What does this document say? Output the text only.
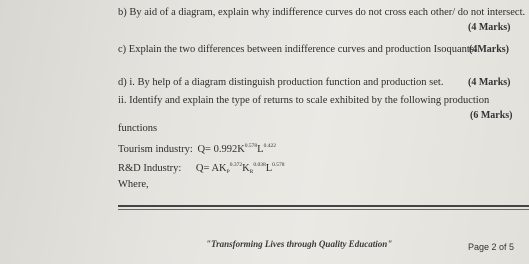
b) By aid of a diagram, explain why indifference curves do not cross each other/ do not intersect.
(4 Marks)
c) Explain the two differences between indifference curves and production Isoquants.
(4Marks)
d) i. By help of a diagram distinguish production function and production set. (4 Marks)
ii. Identify and explain the type of returns to scale exhibited by the following production
(6 Marks)
functions
Tourism industry: $Q= 0.992K^{0.578}L^{0.422}$
R&D Industry: $Q= AK_P^{0.372}K_R^{0.038}L^{0.578}$
Where,
"Transforming Lives through Quality Education"	Page 2 of 5
